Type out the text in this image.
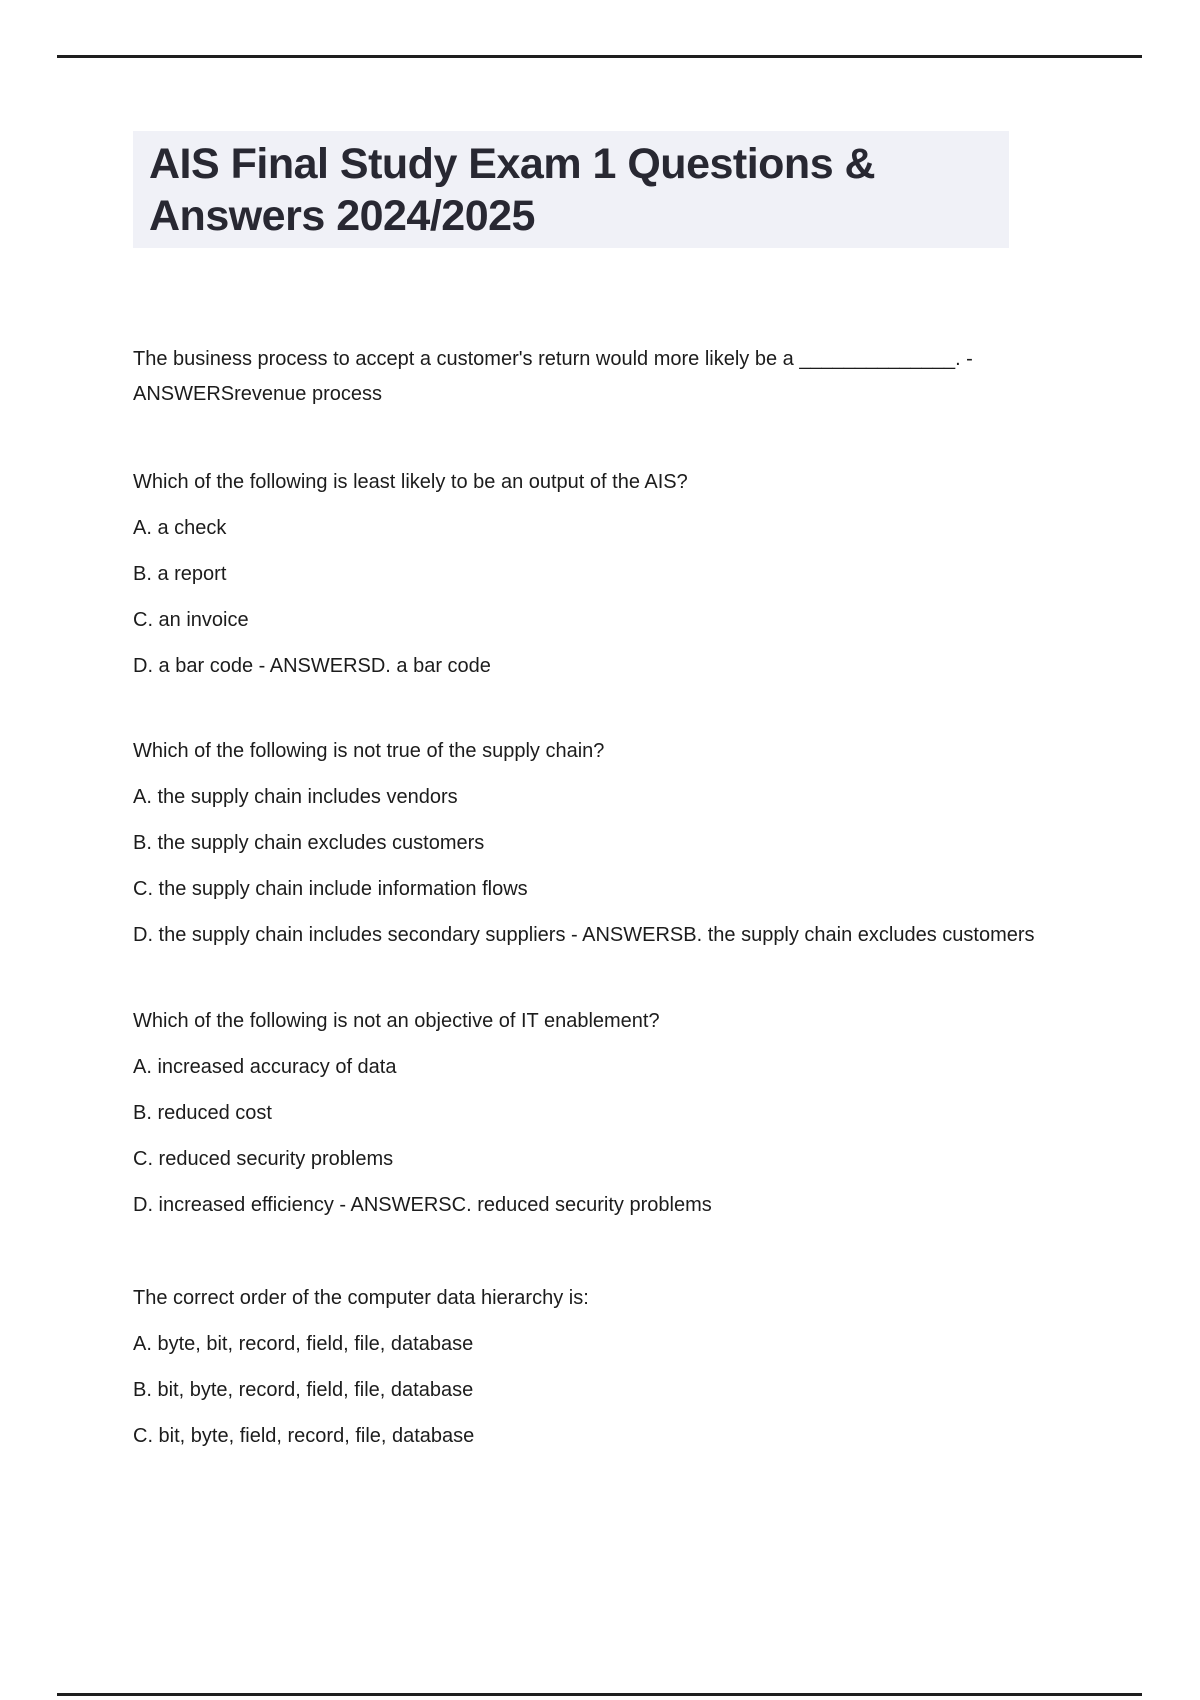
AIS Final Study Exam 1 Questions &
Answers 2024/2025
The business process to accept a customer's return would more likely be a ______________. -
ANSWERSrevenue process
Which of the following is least likely to be an output of the AIS?
A. a check
B. a report
C. an invoice
D. a bar code - ANSWERSD. a bar code
Which of the following is not true of the supply chain?
A. the supply chain includes vendors
B. the supply chain excludes customers
C. the supply chain include information flows
D. the supply chain includes secondary suppliers - ANSWERSB. the supply chain excludes customers
Which of the following is not an objective of IT enablement?
A. increased accuracy of data
B. reduced cost
C. reduced security problems
D. increased efficiency - ANSWERSC. reduced security problems
The correct order of the computer data hierarchy is:
A. byte, bit, record, field, file, database
B. bit, byte, record, field, file, database
C. bit, byte, field, record, file, database
